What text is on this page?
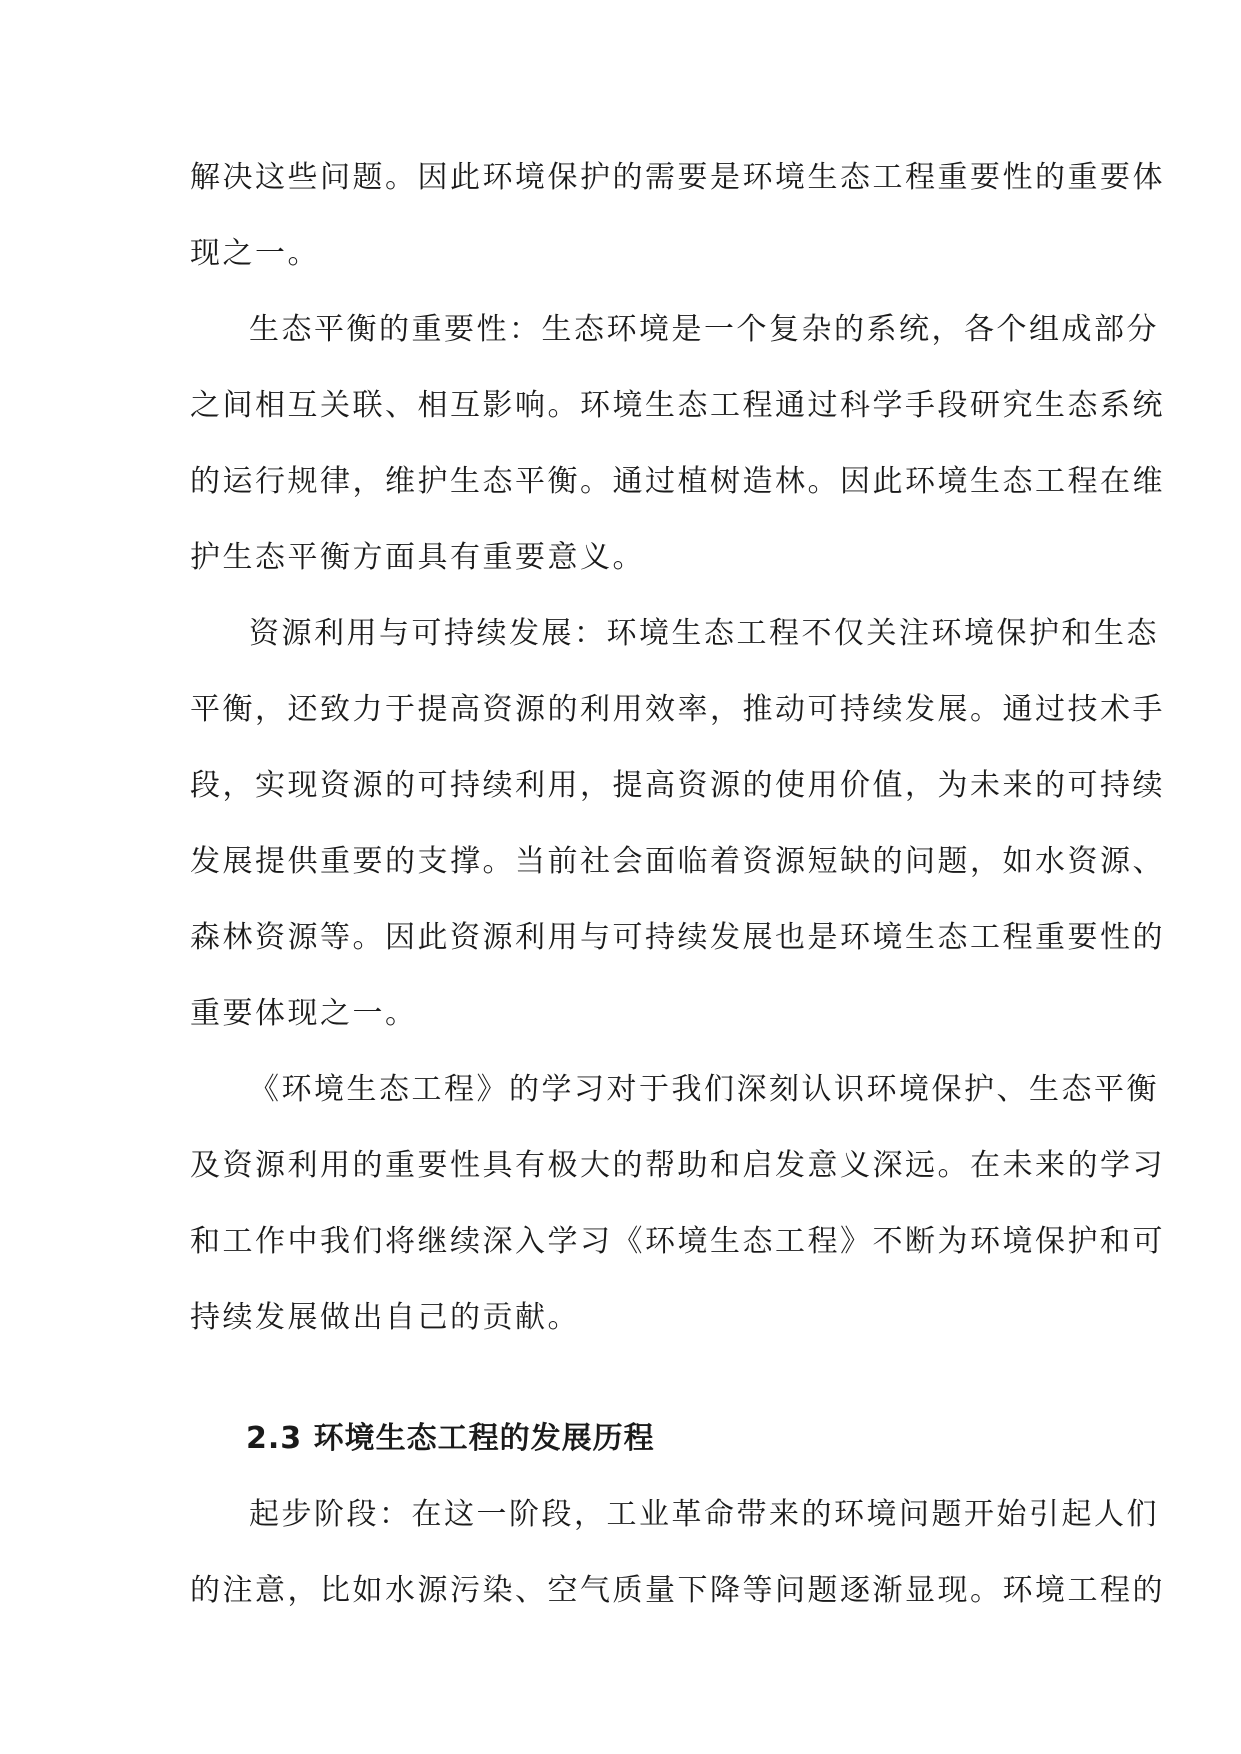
解决这些问题。因此环境保护的需要是环境生态工程重要性的重要体
现之一。
生态平衡的重要性：生态环境是一个复杂的系统，各个组成部分
之间相互关联、相互影响。环境生态工程通过科学手段研究生态系统
的运行规律，维护生态平衡。通过植树造林。因此环境生态工程在维
护生态平衡方面具有重要意义。
资源利用与可持续发展：环境生态工程不仅关注环境保护和生态
平衡，还致力于提高资源的利用效率，推动可持续发展。通过技术手
段，实现资源的可持续利用，提高资源的使用价值，为未来的可持续
发展提供重要的支撑。当前社会面临着资源短缺的问题，如水资源、
森林资源等。因此资源利用与可持续发展也是环境生态工程重要性的
重要体现之一。
《环境生态工程》的学习对于我们深刻认识环境保护、生态平衡
及资源利用的重要性具有极大的帮助和启发意义深远。在未来的学习
和工作中我们将继续深入学习《环境生态工程》不断为环境保护和可
持续发展做出自己的贡献。
2.3 环境生态工程的发展历程
起步阶段：在这一阶段，工业革命带来的环境问题开始引起人们
的注意，比如水源污染、空气质量下降等问题逐渐显现。环境工程的
